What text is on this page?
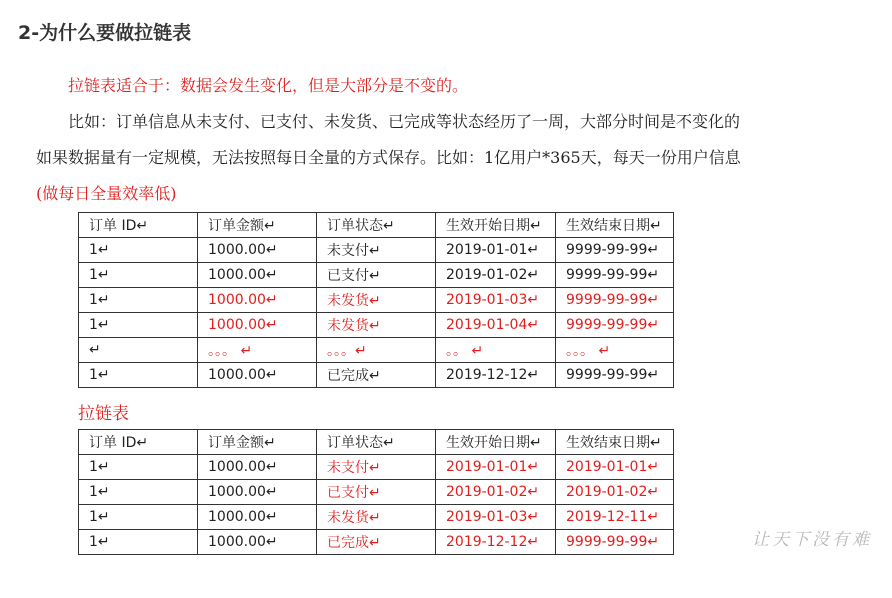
2-为什么要做拉链表
拉链表适合于：数据会发生变化，但是大部分是不变的。
比如：订单信息从未支付、已支付、未发货、已完成等状态经历了一周，大部分时间是不变化的
如果数据量有一定规模，无法按照每日全量的方式保存。比如：1亿用户*365天，每天一份用户信息
(做每日全量效率低)
订单 ID↵	订单金额↵	订单状态↵	生效开始日期↵	生效结束日期↵
1↵	1000.00↵	未支付↵	2019-01-01↵	9999-99-99↵
1↵	1000.00↵	已支付↵	2019-01-02↵	9999-99-99↵
1↵	1000.00↵	未发货↵	2019-01-03↵	9999-99-99↵
1↵	1000.00↵	未发货↵	2019-01-04↵	9999-99-99↵
↵	。。。 ↵	。。。↵	。。 ↵	。。。 ↵
1↵	1000.00↵	已完成↵	2019-12-12↵	9999-99-99↵
拉链表
订单 ID↵	订单金额↵	订单状态↵	生效开始日期↵	生效结束日期↵
1↵	1000.00↵	未支付↵	2019-01-01↵	2019-01-01↵
1↵	1000.00↵	已支付↵	2019-01-02↵	2019-01-02↵
1↵	1000.00↵	未发货↵	2019-01-03↵	2019-12-11↵
1↵	1000.00↵	已完成↵	2019-12-12↵	9999-99-99↵	让天下没有难
